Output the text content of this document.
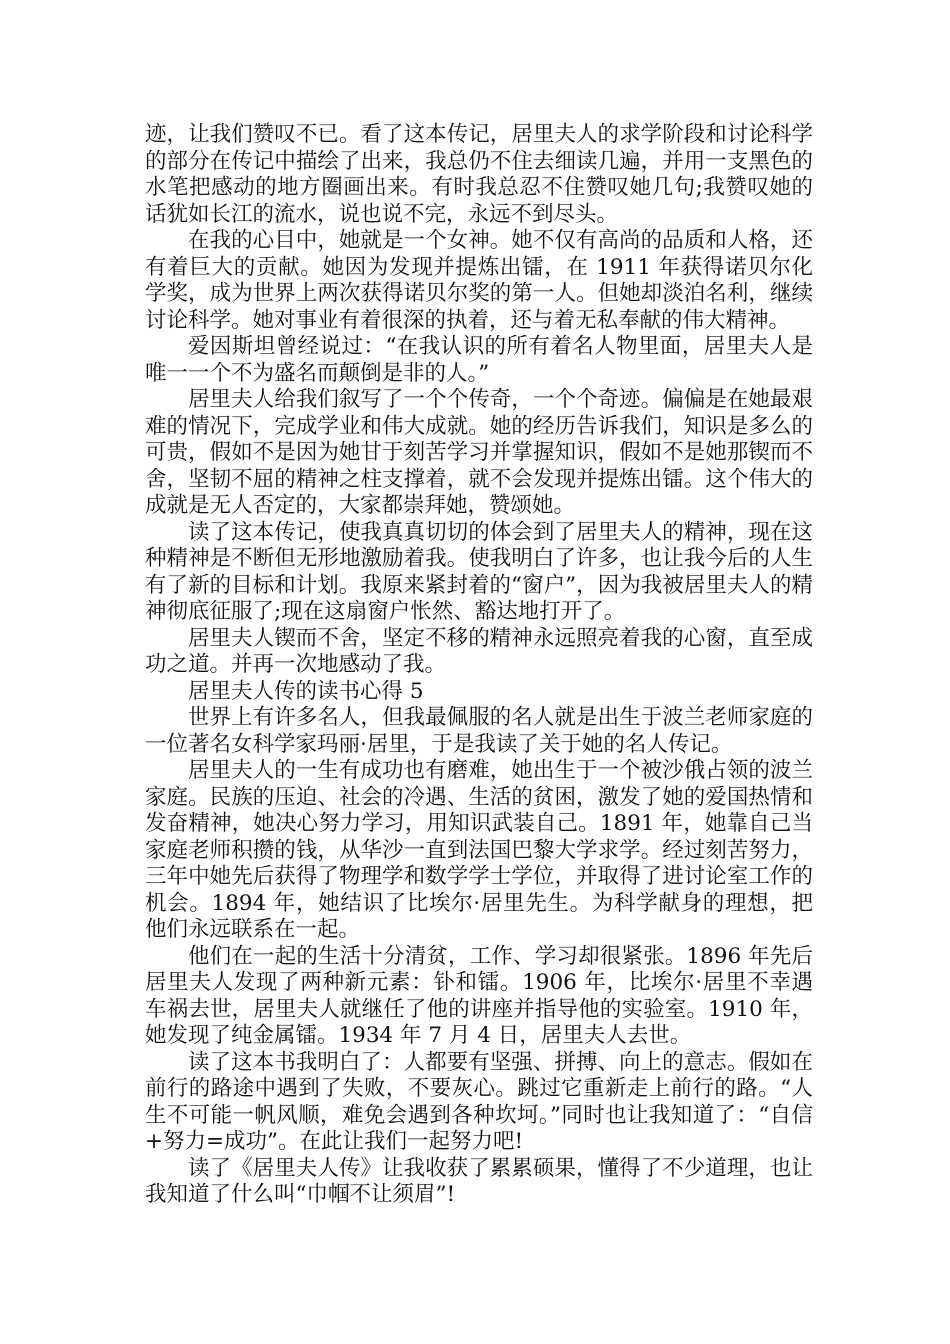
迹，让我们赞叹不已。看了这本传记，居里夫人的求学阶段和讨论科学的部分在传记中描绘了出来，我总仍不住去细读几遍，并用一支黑色的水笔把感动的地方圈画出来。有时我总忍不住赞叹她几句;我赞叹她的话犹如长江的流水，说也说不完，永远不到尽头。

在我的心目中，她就是一个女神。她不仅有高尚的品质和人格，还有着巨大的贡献。她因为发现并提炼出镭，在 1911 年获得诺贝尔化学奖，成为世界上两次获得诺贝尔奖的第一人。但她却淡泊名利，继续讨论科学。她对事业有着很深的执着，还与着无私奉献的伟大精神。

爱因斯坦曾经说过：“在我认识的所有着名人物里面，居里夫人是唯一一个不为盛名而颠倒是非的人。”

居里夫人给我们叙写了一个个传奇，一个个奇迹。偏偏是在她最艰难的情况下，完成学业和伟大成就。她的经历告诉我们，知识是多么的可贵，假如不是因为她甘于刻苦学习并掌握知识，假如不是她那锲而不舍，坚韧不屈的精神之柱支撑着，就不会发现并提炼出镭。这个伟大的成就是无人否定的，大家都崇拜她，赞颂她。

读了这本传记，使我真真切切的体会到了居里夫人的精神，现在这种精神是不断但无形地激励着我。使我明白了许多，也让我今后的人生有了新的目标和计划。我原来紧封着的“窗户”，因为我被居里夫人的精神彻底征服了;现在这扇窗户怅然、豁达地打开了。

居里夫人锲而不舍，坚定不移的精神永远照亮着我的心窗，直至成功之道。并再一次地感动了我。

居里夫人传的读书心得 5

世界上有许多名人，但我最佩服的名人就是出生于波兰老师家庭的一位著名女科学家玛丽·居里，于是我读了关于她的名人传记。

居里夫人的一生有成功也有磨难，她出生于一个被沙俄占领的波兰家庭。民族的压迫、社会的冷遇、生活的贫困，激发了她的爱国热情和发奋精神，她决心努力学习，用知识武装自己。1891 年，她靠自己当家庭老师积攒的钱，从华沙一直到法国巴黎大学求学。经过刻苦努力，三年中她先后获得了物理学和数学学士学位，并取得了进讨论室工作的机会。1894 年，她结识了比埃尔·居里先生。为科学献身的理想，把他们永远联系在一起。

他们在一起的生活十分清贫，工作、学习却很紧张。1896 年先后居里夫人发现了两种新元素：钋和镭。1906 年，比埃尔·居里不幸遇车祸去世，居里夫人就继任了他的讲座并指导他的实验室。1910 年，她发现了纯金属镭。1934 年 7 月 4 日，居里夫人去世。

读了这本书我明白了：人都要有坚强、拼搏、向上的意志。假如在前行的路途中遇到了失败，不要灰心。跳过它重新走上前行的路。“人生不可能一帆风顺，难免会遇到各种坎坷。”同时也让我知道了：“自信+努力=成功”。在此让我们一起努力吧!

读了《居里夫人传》让我收获了累累硕果，懂得了不少道理，也让我知道了什么叫“巾帼不让须眉”!
